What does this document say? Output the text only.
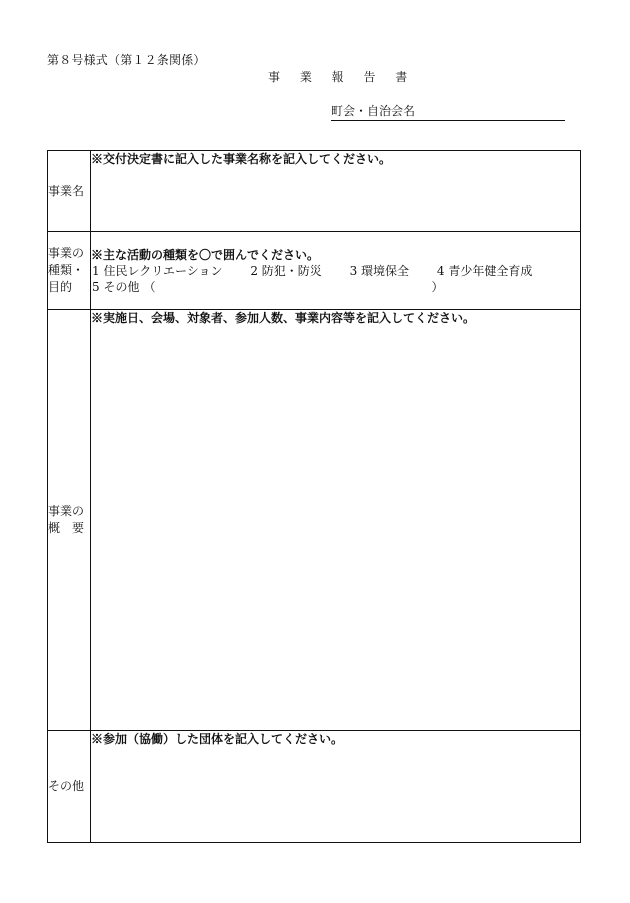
第８号様式（第１２条関係）
事 業 報 告 書
町会・自治会名
事業名	※交付決定書に記入した事業名称を記入してください。

事業の
種類・
目的	※主な活動の種類を〇で囲んでください。
1 住民レクリエーション 2 防犯・防災 3 環境保全 4 青少年健全育成
5 その他 （ ）

事業の
概　要	※実施日、会場、対象者、参加人数、事業内容等を記入してください。

その他	※参加（協働）した団体を記入してください。
